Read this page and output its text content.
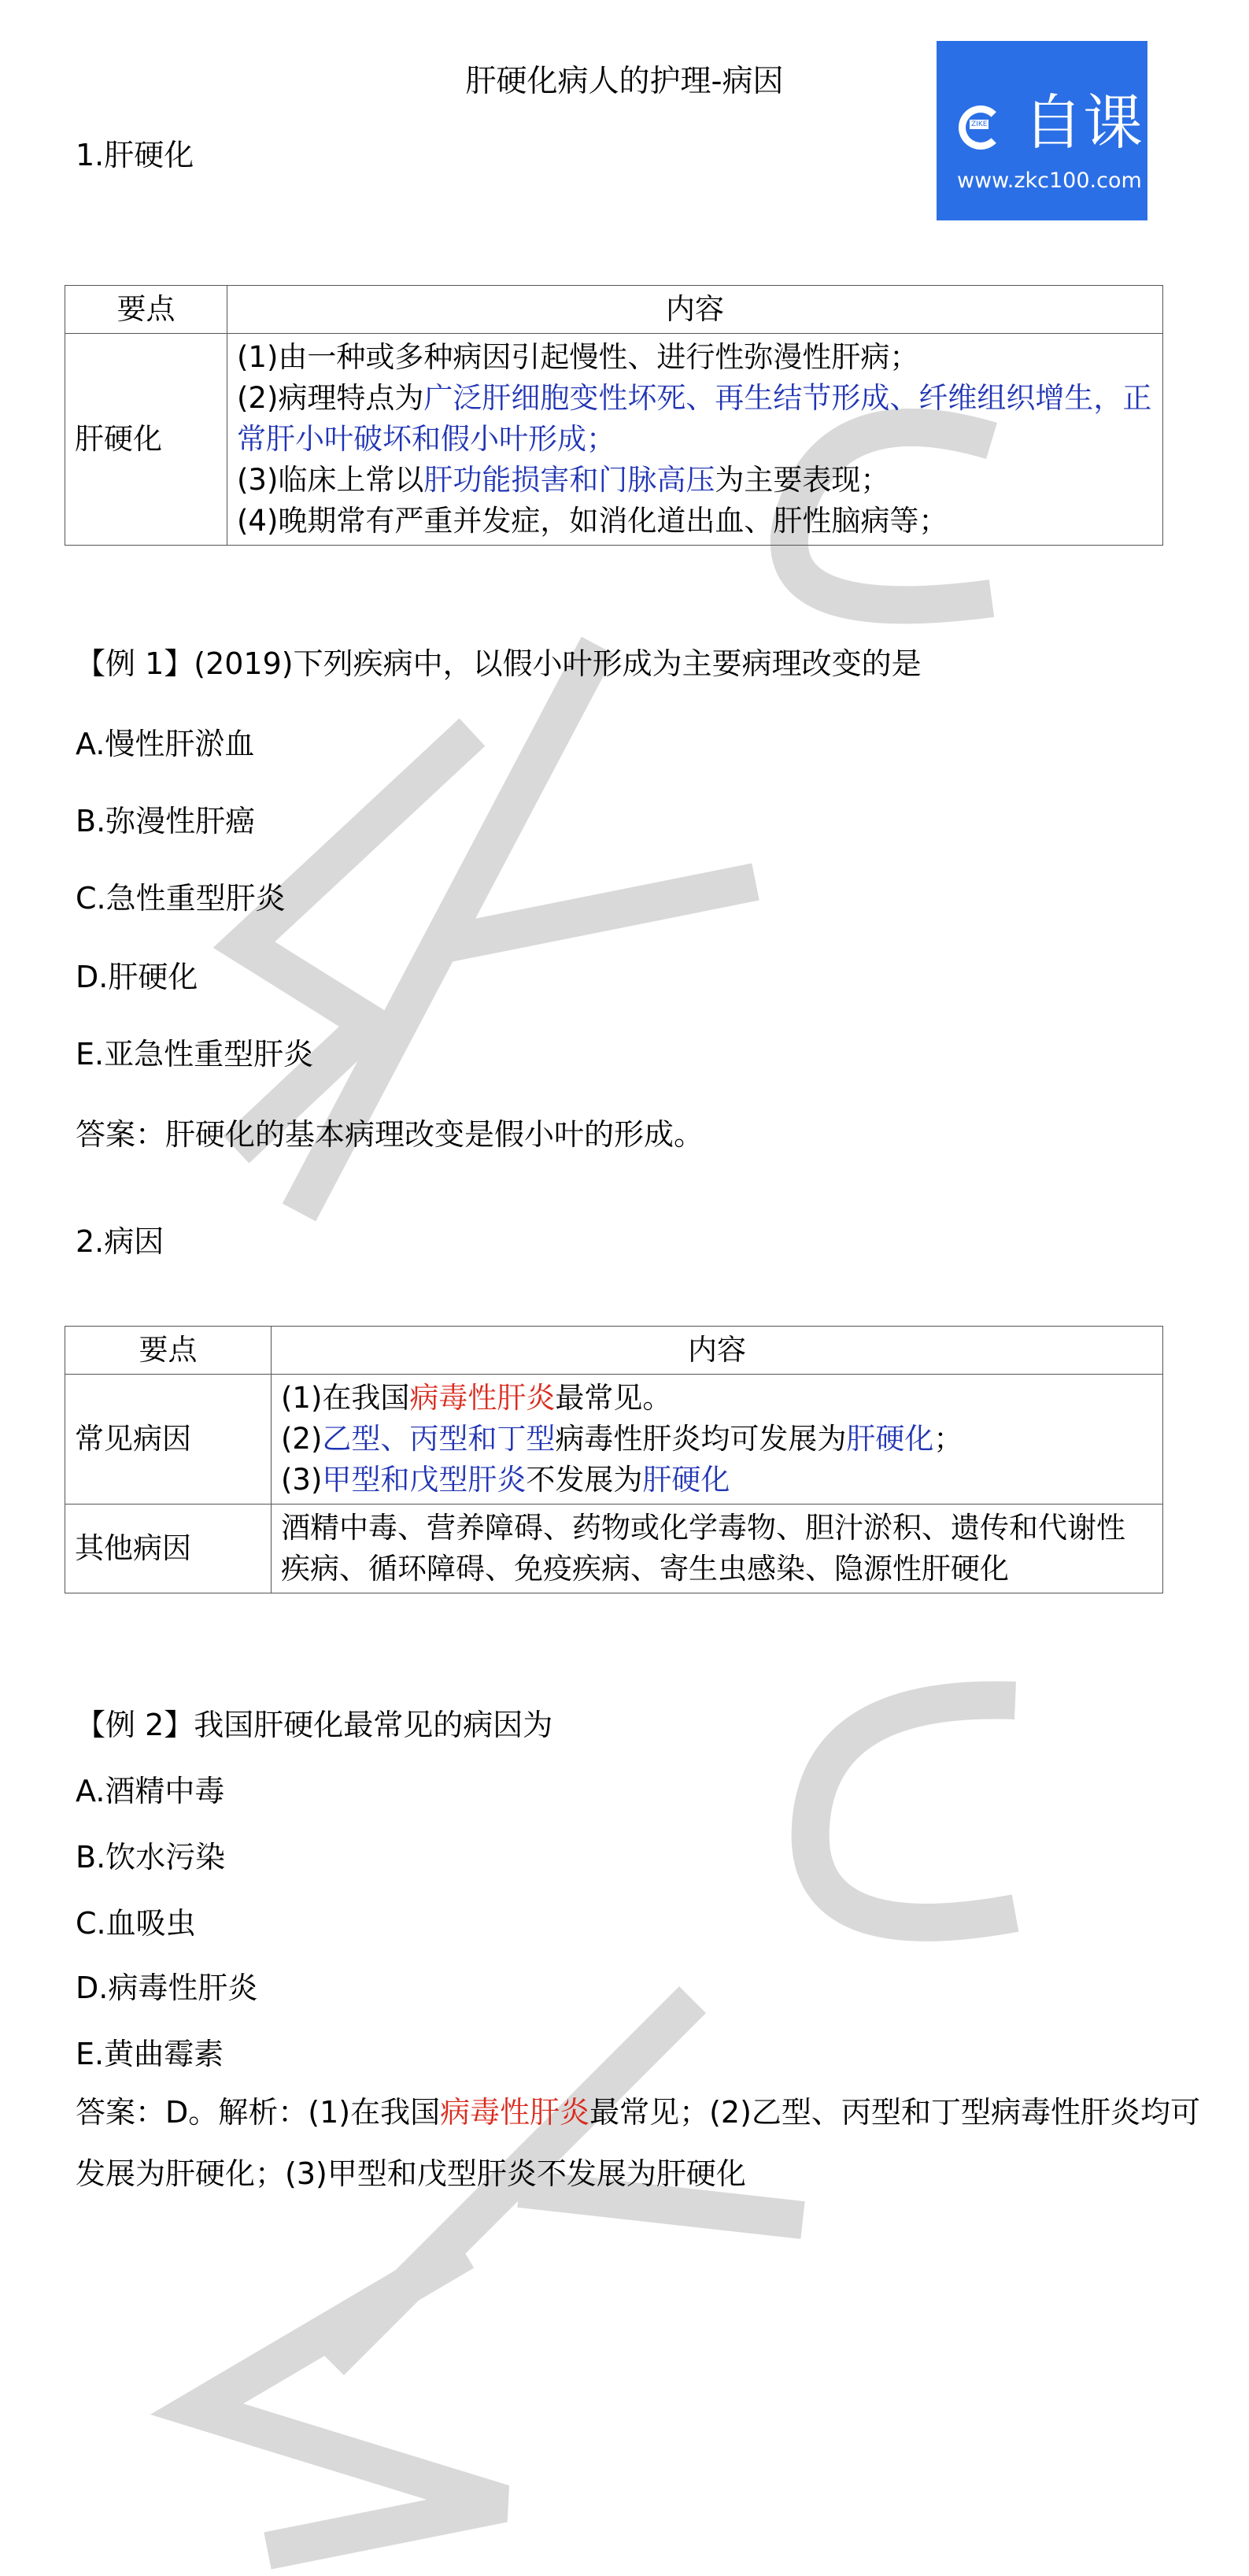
肝硬化病人的护理-病因
ZIKE 自课
www.zkc100.com
1.肝硬化
要点	内容
肝硬化	(1)由一种或多种病因引起慢性、进行性弥漫性肝病；
(2)病理特点为广泛肝细胞变性坏死、再生结节形成、纤维组织增生，正常肝小叶破坏和假小叶形成；
(3)临床上常以肝功能损害和门脉高压为主要表现；
(4)晚期常有严重并发症，如消化道出血、肝性脑病等；
【例 1】(2019)下列疾病中，以假小叶形成为主要病理改变的是
A.慢性肝淤血
B.弥漫性肝癌
C.急性重型肝炎
D.肝硬化
E.亚急性重型肝炎
答案：肝硬化的基本病理改变是假小叶的形成。
2.病因
要点	内容
常见病因	(1)在我国病毒性肝炎最常见。
(2)乙型、丙型和丁型病毒性肝炎均可发展为肝硬化；
(3)甲型和戊型肝炎不发展为肝硬化

其他病因	酒精中毒、营养障碍、药物或化学毒物、胆汁淤积、遗传和代谢性疾病、循环障碍、免疫疾病、寄生虫感染、隐源性肝硬化
【例 2】我国肝硬化最常见的病因为
A.酒精中毒
B.饮水污染
C.血吸虫
D.病毒性肝炎
E.黄曲霉素
答案：D。解析：(1)在我国病毒性肝炎最常见；(2)乙型、丙型和丁型病毒性肝炎均可发展为肝硬化；(3)甲型和戊型肝炎不发展为肝硬化
